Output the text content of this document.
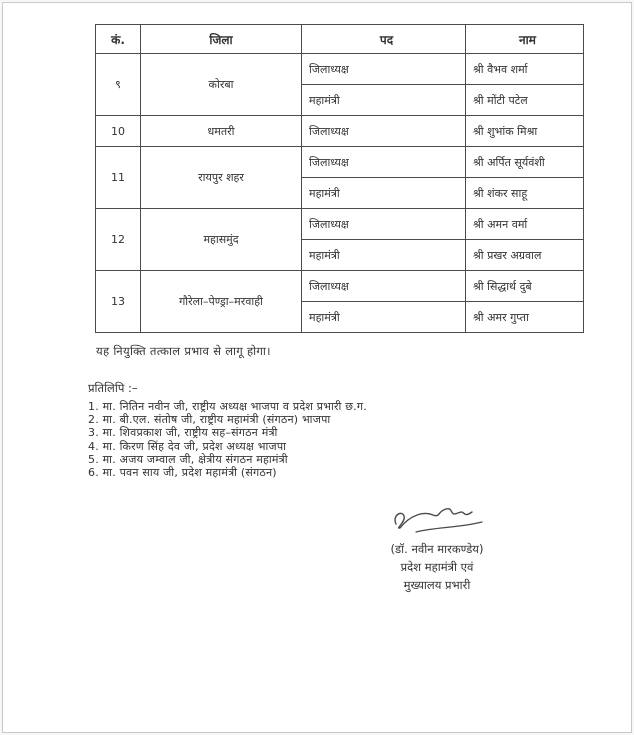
कं.	जिला	पद	नाम
९	कोरबा	जिलाध्यक्ष	श्री वैभव शर्मा
		महामंत्री	श्री मोंटी पटेल
10	धमतरी	जिलाध्यक्ष	श्री शुभांक मिश्रा
11	रायपुर शहर	जिलाध्यक्ष	श्री अर्पित सूर्यवंशी
		महामंत्री	श्री शंकर साहू
12	महासमुंद	जिलाध्यक्ष	श्री अमन वर्मा
		महामंत्री	श्री प्रखर अग्रवाल
13	गौरेला–पेण्ड्रा–मरवाही	जिलाध्यक्ष	श्री सिद्धार्थ दुबे
		महामंत्री	श्री अमर गुप्ता
यह नियुक्ति तत्काल प्रभाव से लागू होगा।
प्रतिलिपि :–
1. मा. नितिन नवीन जी, राष्ट्रीय अध्यक्ष भाजपा व प्रदेश प्रभारी छ.ग.
2. मा. बी.एल. संतोष जी, राष्ट्रीय महामंत्री (संगठन) भाजपा
3. मा. शिवप्रकाश जी, राष्ट्रीय सह–संगठन मंत्री
4. मा. किरण सिंह देव जी, प्रदेश अध्यक्ष भाजपा
5. मा. अजय जम्वाल जी, क्षेत्रीय संगठन महामंत्री
6. मा. पवन साय जी, प्रदेश महामंत्री (संगठन)
(डॉ. नवीन मारकण्डेय)
प्रदेश महामंत्री एवं
मुख्यालय प्रभारी
